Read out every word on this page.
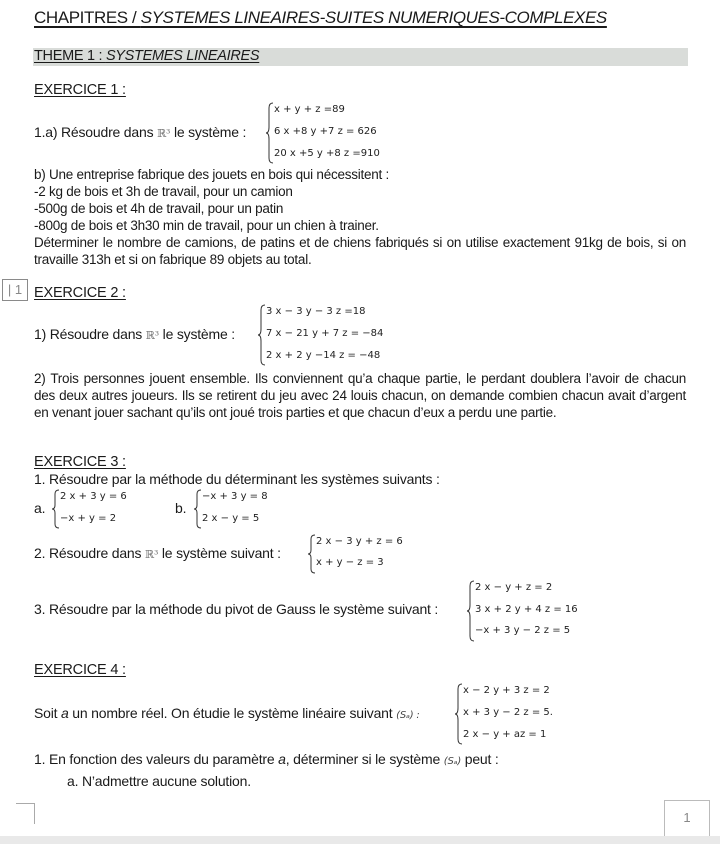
CHAPITRES / SYSTEMES LINEAIRES-SUITES NUMERIQUES-COMPLEXES
THEME 1 : SYSTEMES LINEAIRES
EXERCICE 1 :
1.a) Résoudre dans ℝ³ le système :
x + y + z =89
6 x +8 y +7 z = 626
20 x +5 y +8 z =910
b) Une entreprise fabrique des jouets en bois qui nécessitent :
-2 kg de bois et 3h de travail, pour un camion
-500g de bois et 4h de travail, pour un patin
-800g de bois et 3h30 min de travail, pour un chien à trainer.
Déterminer le nombre de camions, de patins et de chiens fabriqués si on utilise exactement 91kg de bois, si on travaille 313h et si on fabrique 89 objets au total.
| 1 EXERCICE 2 :
1) Résoudre dans ℝ³ le système :
3 x − 3 y − 3 z =18
7 x − 21 y + 7 z = −84
2 x + 2 y −14 z = −48
2) Trois personnes jouent ensemble. Ils conviennent qu’a chaque partie, le perdant doublera l’avoir de chacun des deux autres joueurs. Ils se retirent du jeu avec 24 louis chacun, on demande combien chacun avait d’argent en venant jouer sachant qu’ils ont joué trois parties et que chacun d’eux a perdu une partie.
EXERCICE 3 :
1. Résoudre par la méthode du déterminant les systèmes suivants :
a.
2 x + 3 y = 6
−x + y = 2
b.
−x + 3 y = 8
2 x − y = 5
2. Résoudre dans ℝ³ le système suivant :
2 x − 3 y + z = 6
x + y − z = 3
3. Résoudre par la méthode du pivot de Gauss le système suivant :
2 x − y + z = 2
3 x + 2 y + 4 z = 16
−x + 3 y − 2 z = 5
EXERCICE 4 :
Soit a un nombre réel. On étudie le système linéaire suivant (Sₐ) :
x − 2 y + 3 z = 2
x + 3 y − 2 z = 5.
2 x − y + az = 1
1. En fonction des valeurs du paramètre a, déterminer si le système (Sₐ) peut :
a. N’admettre aucune solution.
1
